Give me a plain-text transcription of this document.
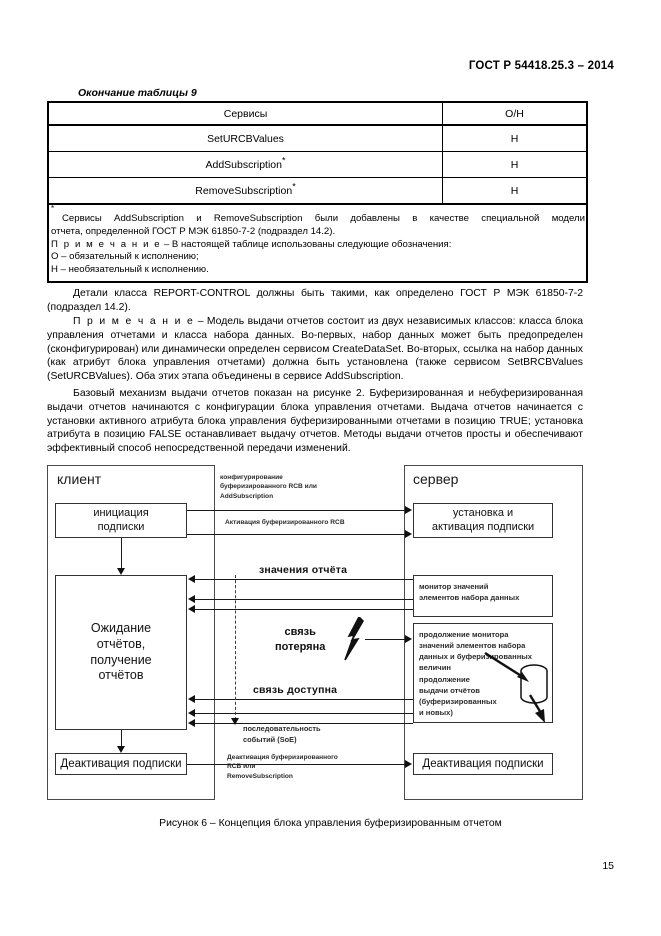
ГОСТ Р 54418.25.3 – 2014
Окончание таблицы 9
Сервисы	О/Н
SetURCBValues	Н
AddSubscription*	Н
RemoveSubscription*	Н

*
Сервисы AddSubscription и RemoveSubscription были добавлены в качестве специальной модели
отчета, определенной ГОСТ Р МЭК 61850-7-2 (подраздел 14.2).
П р и м е ч а н и е – В настоящей таблице использованы следующие обозначения:
О – обязательный к исполнению;
Н – необязательный к исполнению.
Детали класса REPORT-CONTROL должны быть такими, как определено ГОСТ Р МЭК 61850-7-2 (подраздел 14.2).
П р и м е ч а н и е – Модель выдачи отчетов состоит из двух независимых классов: класса блока управления отчетами и класса набора данных. Во-первых, набор данных может быть предопределен (сконфигурирован) или динамически определен сервисом CreateDataSet. Во-вторых, ссылка на набор данных (как атрибут блока управления отчетами) должна быть установлена (также сервисом SetBRCBValues (SetURCBValues). Оба этих этапа объединены в сервисе AddSubscription.
Базовый механизм выдачи отчетов показан на рисунке 2. Буферизированная и небуферизированная выдачи отчетов начинаются с конфигурации блока управления отчетами. Выдача отчетов начинается с установки активного атрибута блока управления буферизированными отчетами в позицию TRUE; установка атрибута в позицию FALSE останавливает выдачу отчетов. Методы выдачи отчетов просты и обеспечивают эффективный способ непосредственной передачи изменений.
клиент	сервер
инициация
подписки
Ожидание
отчётов,
получение
отчётов
Деактивация подписки
установка и
активация подписки
монитор значений
элементов набора данных
продолжение монитора
значений элементов набора
данных и буферизированных
величин
продолжение
выдачи отчётов
(буферизированных
и новых)
Деактивация подписки
конфигурирование
буферизированного RCB или
AddSubscription
Активация буферизированного RCB
значения отчёта
связь доступна
связь
потеряна
последовательность
событий (SoE)
Деактивация буферизированного
RCB или
RemoveSubscription
Рисунок 6 – Концепция блока управления буферизированным отчетом
15
